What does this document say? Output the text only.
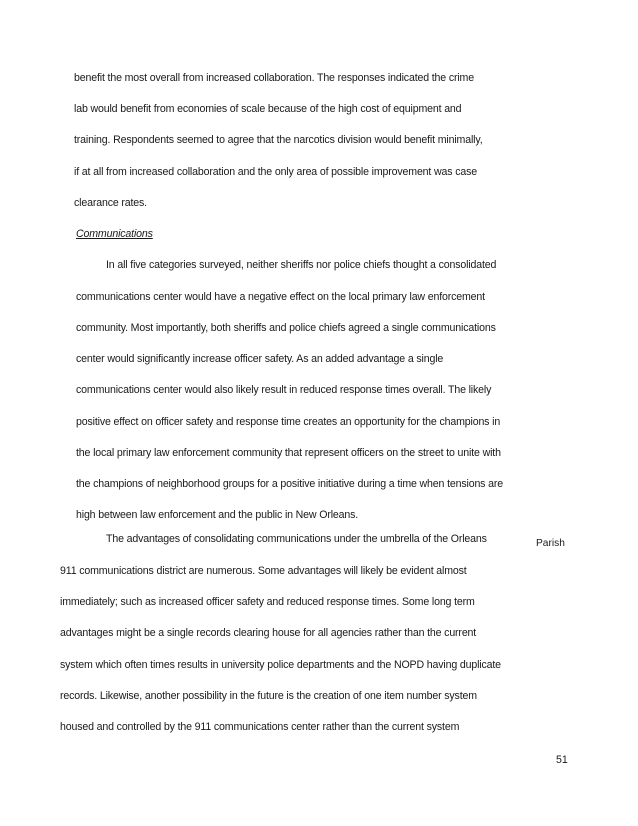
benefit the most overall from increased collaboration. The responses indicated the crime
lab would benefit from economies of scale because of the high cost of equipment and
training. Respondents seemed to agree that the narcotics division would benefit minimally,
if at all from increased collaboration and the only area of possible improvement was case
clearance rates.
Communications
In all five categories surveyed, neither sheriffs nor police chiefs thought a consolidated
communications center would have a negative effect on the local primary law enforcement
community. Most importantly, both sheriffs and police chiefs agreed a single communications
center would significantly increase officer safety. As an added advantage a single
communications center would also likely result in reduced response times overall. The likely
positive effect on officer safety and response time creates an opportunity for the champions in
the local primary law enforcement community that represent officers on the street to unite with
the champions of neighborhood groups for a positive initiative during a time when tensions are
high between law enforcement and the public in New Orleans.
The advantages of consolidating communications under the umbrella of the Orleans	Parish
911 communications district are numerous. Some advantages will likely be evident almost
immediately; such as increased officer safety and reduced response times. Some long term
advantages might be a single records clearing house for all agencies rather than the current
system which often times results in university police departments and the NOPD having duplicate
records. Likewise, another possibility in the future is the creation of one item number system
housed and controlled by the 911 communications center rather than the current system
51
